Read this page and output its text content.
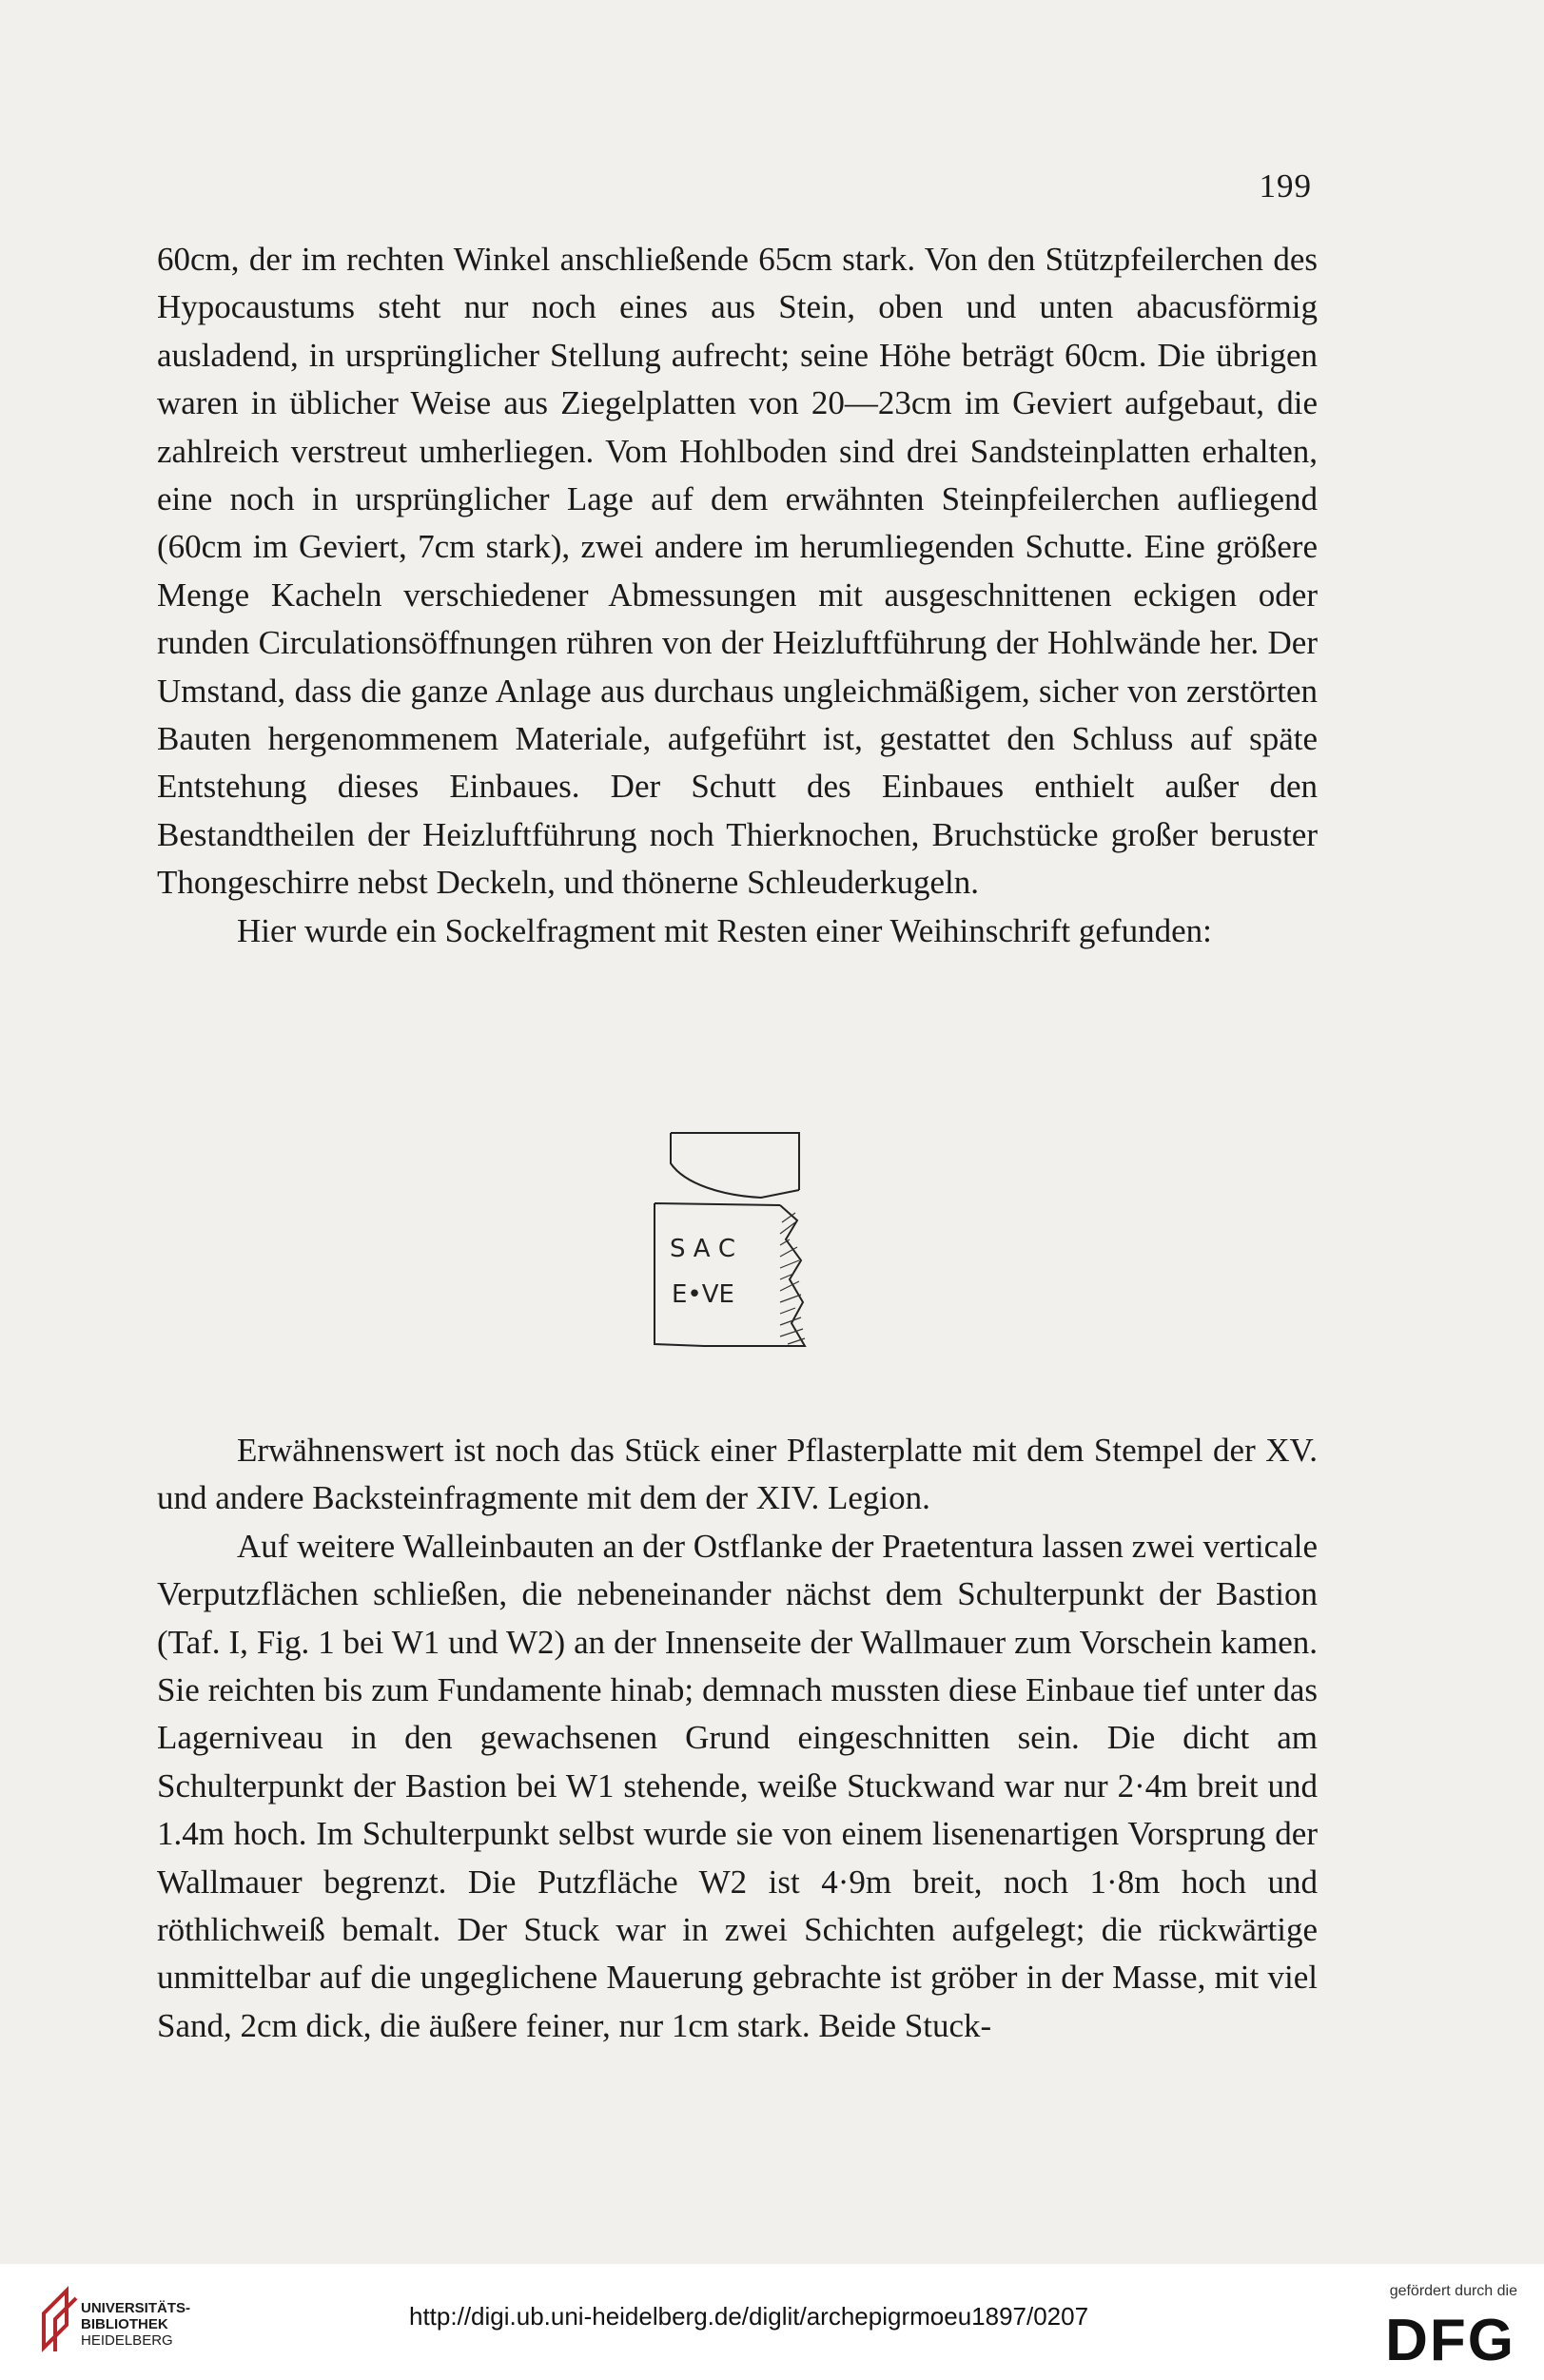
199

60cm, der im rechten Winkel anschließende 65cm stark. Von den Stützpfeilerchen des Hypocaustums steht nur noch eines aus Stein, oben und unten abacusförmig ausladend, in ursprünglicher Stellung aufrecht; seine Höhe beträgt 60cm. Die übrigen waren in üblicher Weise aus Ziegelplatten von 20—23cm im Geviert aufgebaut, die zahlreich verstreut umherliegen. Vom Hohlboden sind drei Sandsteinplatten erhalten, eine noch in ursprünglicher Lage auf dem erwähnten Steinpfeilerchen aufliegend (60cm im Geviert, 7cm stark), zwei andere im herumliegenden Schutte. Eine größere Menge Kacheln verschiedener Abmessungen mit ausgeschnittenen eckigen oder runden Circulationsöffnungen rühren von der Heizluftführung der Hohlwände her. Der Umstand, dass die ganze Anlage aus durchaus ungleichmäßigem, sicher von zerstörten Bauten hergenommenem Materiale, aufgeführt ist, gestattet den Schluss auf späte Entstehung dieses Einbaues. Der Schutt des Einbaues enthielt außer den Bestandtheilen der Heizluftführung noch Thierknochen, Bruchstücke großer beruster Thongeschirre nebst Deckeln, und thönerne Schleuderkugeln.

Hier wurde ein Sockelfragment mit Resten einer Weihinschrift gefunden:

S A C
E•VE

Erwähnenswert ist noch das Stück einer Pflasterplatte mit dem Stempel der XV. und andere Backsteinfragmente mit dem der XIV. Legion.

Auf weitere Walleinbauten an der Ostflanke der Praetentura lassen zwei verticale Verputzflächen schließen, die nebeneinander nächst dem Schulterpunkt der Bastion (Taf. I, Fig. 1 bei W1 und W2) an der Innenseite der Wallmauer zum Vorschein kamen. Sie reichten bis zum Fundamente hinab; demnach mussten diese Einbaue tief unter das Lagerniveau in den gewachsenen Grund eingeschnitten sein. Die dicht am Schulterpunkt der Bastion bei W1 stehende, weiße Stuckwand war nur 2·4m breit und 1.4m hoch. Im Schulterpunkt selbst wurde sie von einem lisenenartigen Vorsprung der Wallmauer begrenzt. Die Putzfläche W2 ist 4·9m breit, noch 1·8m hoch und röthlichweiß bemalt. Der Stuck war in zwei Schichten aufgelegt; die rückwärtige unmittelbar auf die ungeglichene Mauerung gebrachte ist gröber in der Masse, mit viel Sand, 2cm dick, die äußere feiner, nur 1cm stark. Beide Stuck-

UNIVERSITÄTS-
BIBLIOTHEK
HEIDELBERG
http://digi.ub.uni-heidelberg.de/diglit/archepigrmoeu1897/0207
gefördert durch die
DFG
